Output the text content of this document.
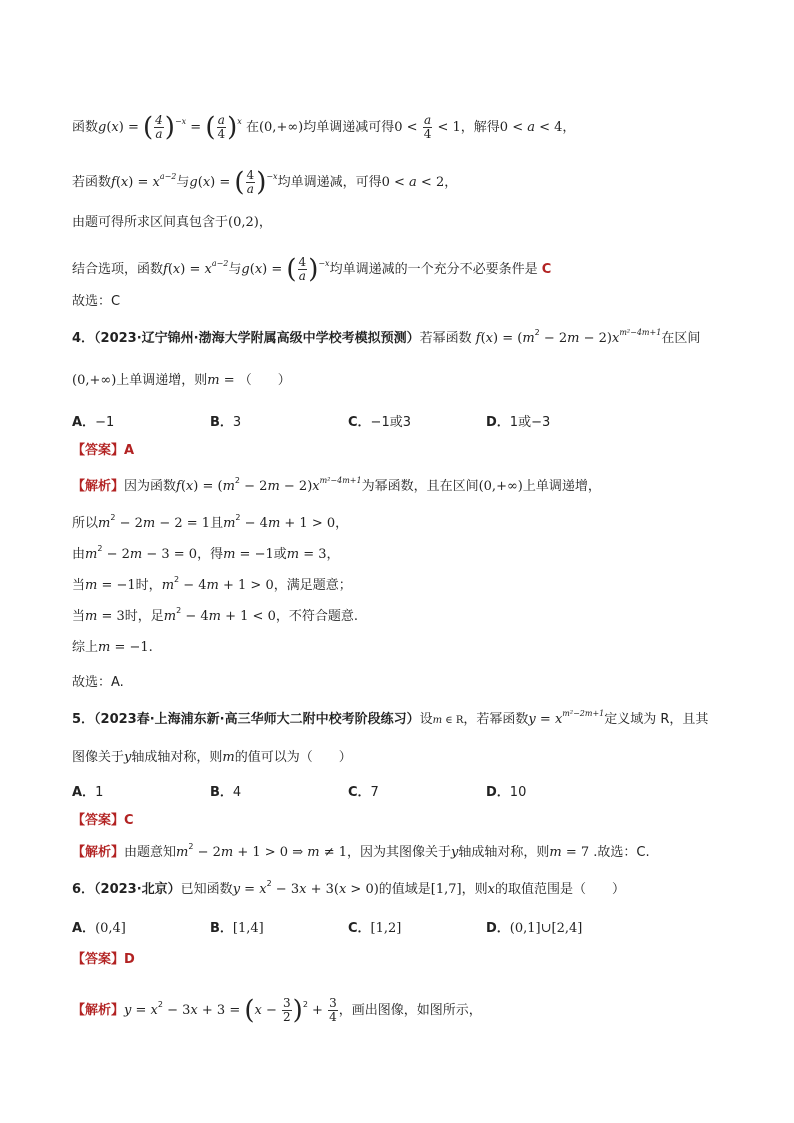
函数g(x) = ( $\frac{4}{a} )^{-x}$ = ( $\frac{a}{4} )^x$ 在(0,+∞)均单调递减可得$0 < \frac{a}{4} < 1$，解得0 < a < 4，
若函数$f(x) = x^{a-2}$与g(x) = ( $\frac{4}{a} )^{-x}$均单调递减，可得0 < a < 2，
由题可得所求区间真包含于(0,2)，
结合选项，函数$f(x) = x^{a-2}$与g(x) = ( $\frac{4}{a} )^{-x}$均单调递减的一个充分不必要条件是 C
故选：C
4．（2023·辽宁锦州·渤海大学附属高级中学校考模拟预测）若幂函数 $f(x) = (m^2 - 2m - 2)x^{m^2-4m+1}$在区间
(0,+∞)上单调递增，则m = （　　）
A．−1	B．3	C．−1或3	D．1或−3
【答案】A
【解析】因为函数$f(x) = (m^2 - 2m - 2)x^{m^2-4m+1}$为幂函数，且在区间(0,+∞)上单调递增，
所以$m^2 - 2m - 2 = 1$且$m^2 - 4m + 1 > 0$，
由$m^2 - 2m - 3 = 0$，得m = −1或m = 3，
当m = −1时，$m^2 - 4m + 1 > 0$，满足题意；
当m = 3时，足$m^2 - 4m + 1 < 0$，不符合题意.
综上m = −1.
故选：A.
5．（2023春·上海浦东新·高三华师大二附中校考阶段练习）设m ∈ R，若幂函数$y = x^{m^2-2m+1}$定义域为 R，且其
图像关于y轴成轴对称，则m的值可以为（　　）
A．1	B．4	C．7	D．10
【答案】C
【解析】由题意知$m^2 - 2m + 1 > 0$ ⇒ m ≠ 1，因为其图像关于y轴成轴对称，则m = 7 .故选：C.
6．（2023·北京）已知函数$y = x^2 - 3x + 3(x > 0)$的值域是[1,7]，则x的取值范围是（　　）
A．(0,4]	B．[1,4]	C．[1,2]	D．(0,1]∪[2,4]
【答案】D
【解析】$y = x^2 - 3x + 3 = (x - \frac{3}{2} )^2 + \frac{3}{4}$ ，画出图像，如图所示，
